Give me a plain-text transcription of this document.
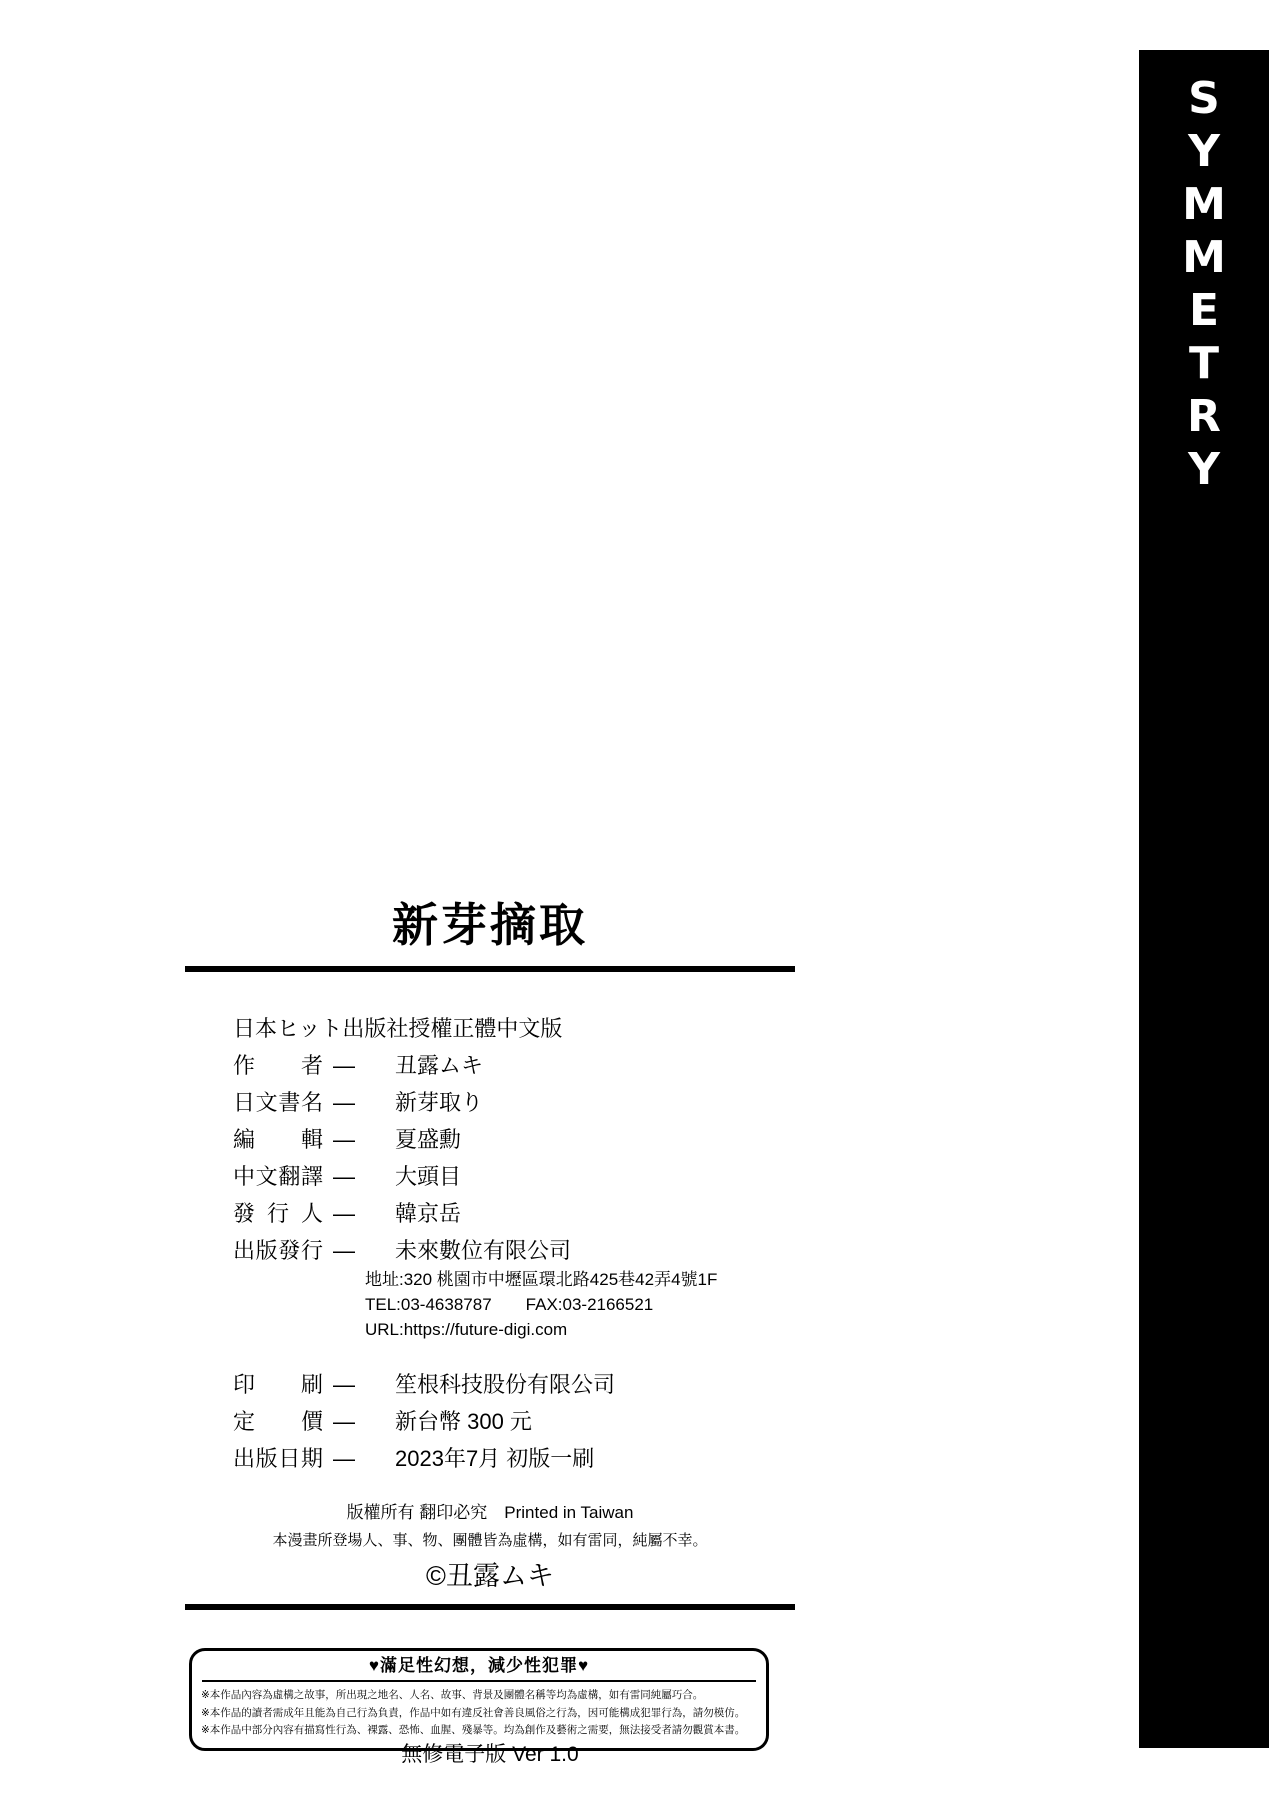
S
Y
M
M
E
T
R
Y
新芽摘取

日本ヒット出版社授權正體中文版

作者 — 丑露ムキ
日文書名 — 新芽取り
編輯 — 夏盛勳
中文翻譯 — 大頭目
發行人 — 韓京岳
出版發行 — 未來數位有限公司
地址:320 桃園市中壢區環北路425巷42弄4號1F
TEL:03-4638787　　FAX:03-2166521
URL:https://future-digi.com
印刷 — 笙根科技股份有限公司
定價 — 新台幣 300 元
出版日期 — 2023年7月 初版一刷

版權所有 翻印必究　Printed in Taiwan

本漫畫所登場人、事、物、團體皆為虛構，如有雷同，純屬不幸。

©丑露ムキ

♥滿足性幻想，減少性犯罪♥

※本作品內容為虛構之故事，所出現之地名、人名、故事、背景及團體名稱等均為虛構，如有雷同純屬巧合。
※本作品的讀者需成年且能為自己行為負責，作品中如有違反社會善良風俗之行為，因可能構成犯罪行為，請勿模仿。
※本作品中部分內容有描寫性行為、裸露、恐怖、血腥、殘暴等。均為創作及藝術之需要，無法接受者請勿觀賞本書。

無修電子版 Ver 1.0
